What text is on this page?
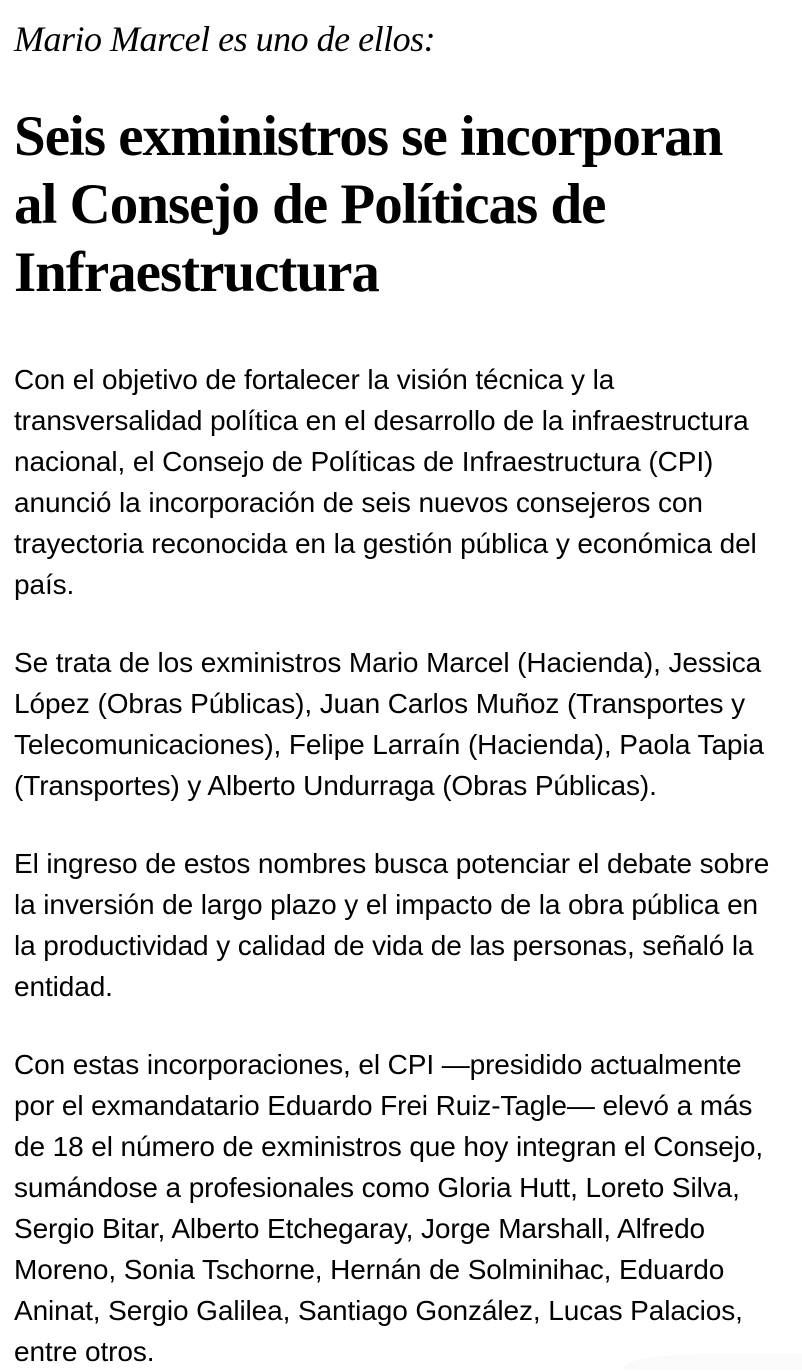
Mario Marcel es uno de ellos:

Seis exministros se incorporan al Consejo de Políticas de Infraestructura

Con el objetivo de fortalecer la visión técnica y la transversalidad política en el desarrollo de la infraestructura nacional, el Consejo de Políticas de Infraestructura (CPI) anunció la incorporación de seis nuevos consejeros con trayectoria reconocida en la gestión pública y económica del país.

Se trata de los exministros Mario Marcel (Hacienda), Jessica López (Obras Públicas), Juan Carlos Muñoz (Transportes y Telecomunicaciones), Felipe Larraín (Hacienda), Paola Tapia (Transportes) y Alberto Undurraga (Obras Públicas).

El ingreso de estos nombres busca potenciar el debate sobre la inversión de largo plazo y el impacto de la obra pública en la productividad y calidad de vida de las personas, señaló la entidad.

Con estas incorporaciones, el CPI —presidido actualmente por el exmandatario Eduardo Frei Ruiz-Tagle— elevó a más de 18 el número de exministros que hoy integran el Consejo, sumándose a profesionales como Gloria Hutt, Loreto Silva, Sergio Bitar, Alberto Etchegaray, Jorge Marshall, Alfredo Moreno, Sonia Tschorne, Hernán de Solminihac, Eduardo Aninat, Sergio Galilea, Santiago González, Lucas Palacios, entre otros.
